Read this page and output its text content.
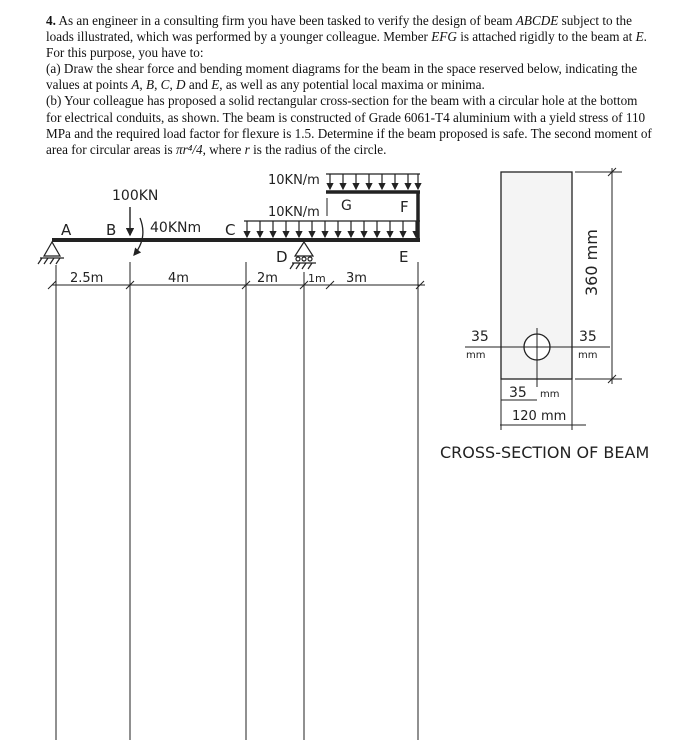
4. As an engineer in a consulting firm you have been tasked to verify the design of beam ABCDE subject to the loads illustrated, which was performed by a younger colleague. Member EFG is attached rigidly to the beam at E. For this purpose, you have to:

(a) Draw the shear force and bending moment diagrams for the beam in the space reserved below, indicating the values at points A, B, C, D and E, as well as any potential local maxima or minima.

(b) Your colleague has proposed a solid rectangular cross-section for the beam with a circular hole at the bottom for electrical conduits, as shown. The beam is constructed of Grade 6061-T4 aluminium with a yield stress of 110 MPa and the required load factor for flexure is 1.5. Determine if the beam proposed is safe. The second moment of area for circular areas is πr⁴/4, where r is the radius of the circle.

A B	C
D	E
F
G
100KN
40KNm
10KN/m
10KN/m
2.5m	4m	2m	1m 3m	360 mm
35
mm
35
mm
35 mm
120 mm
CROSS-SECTION OF BEAM
